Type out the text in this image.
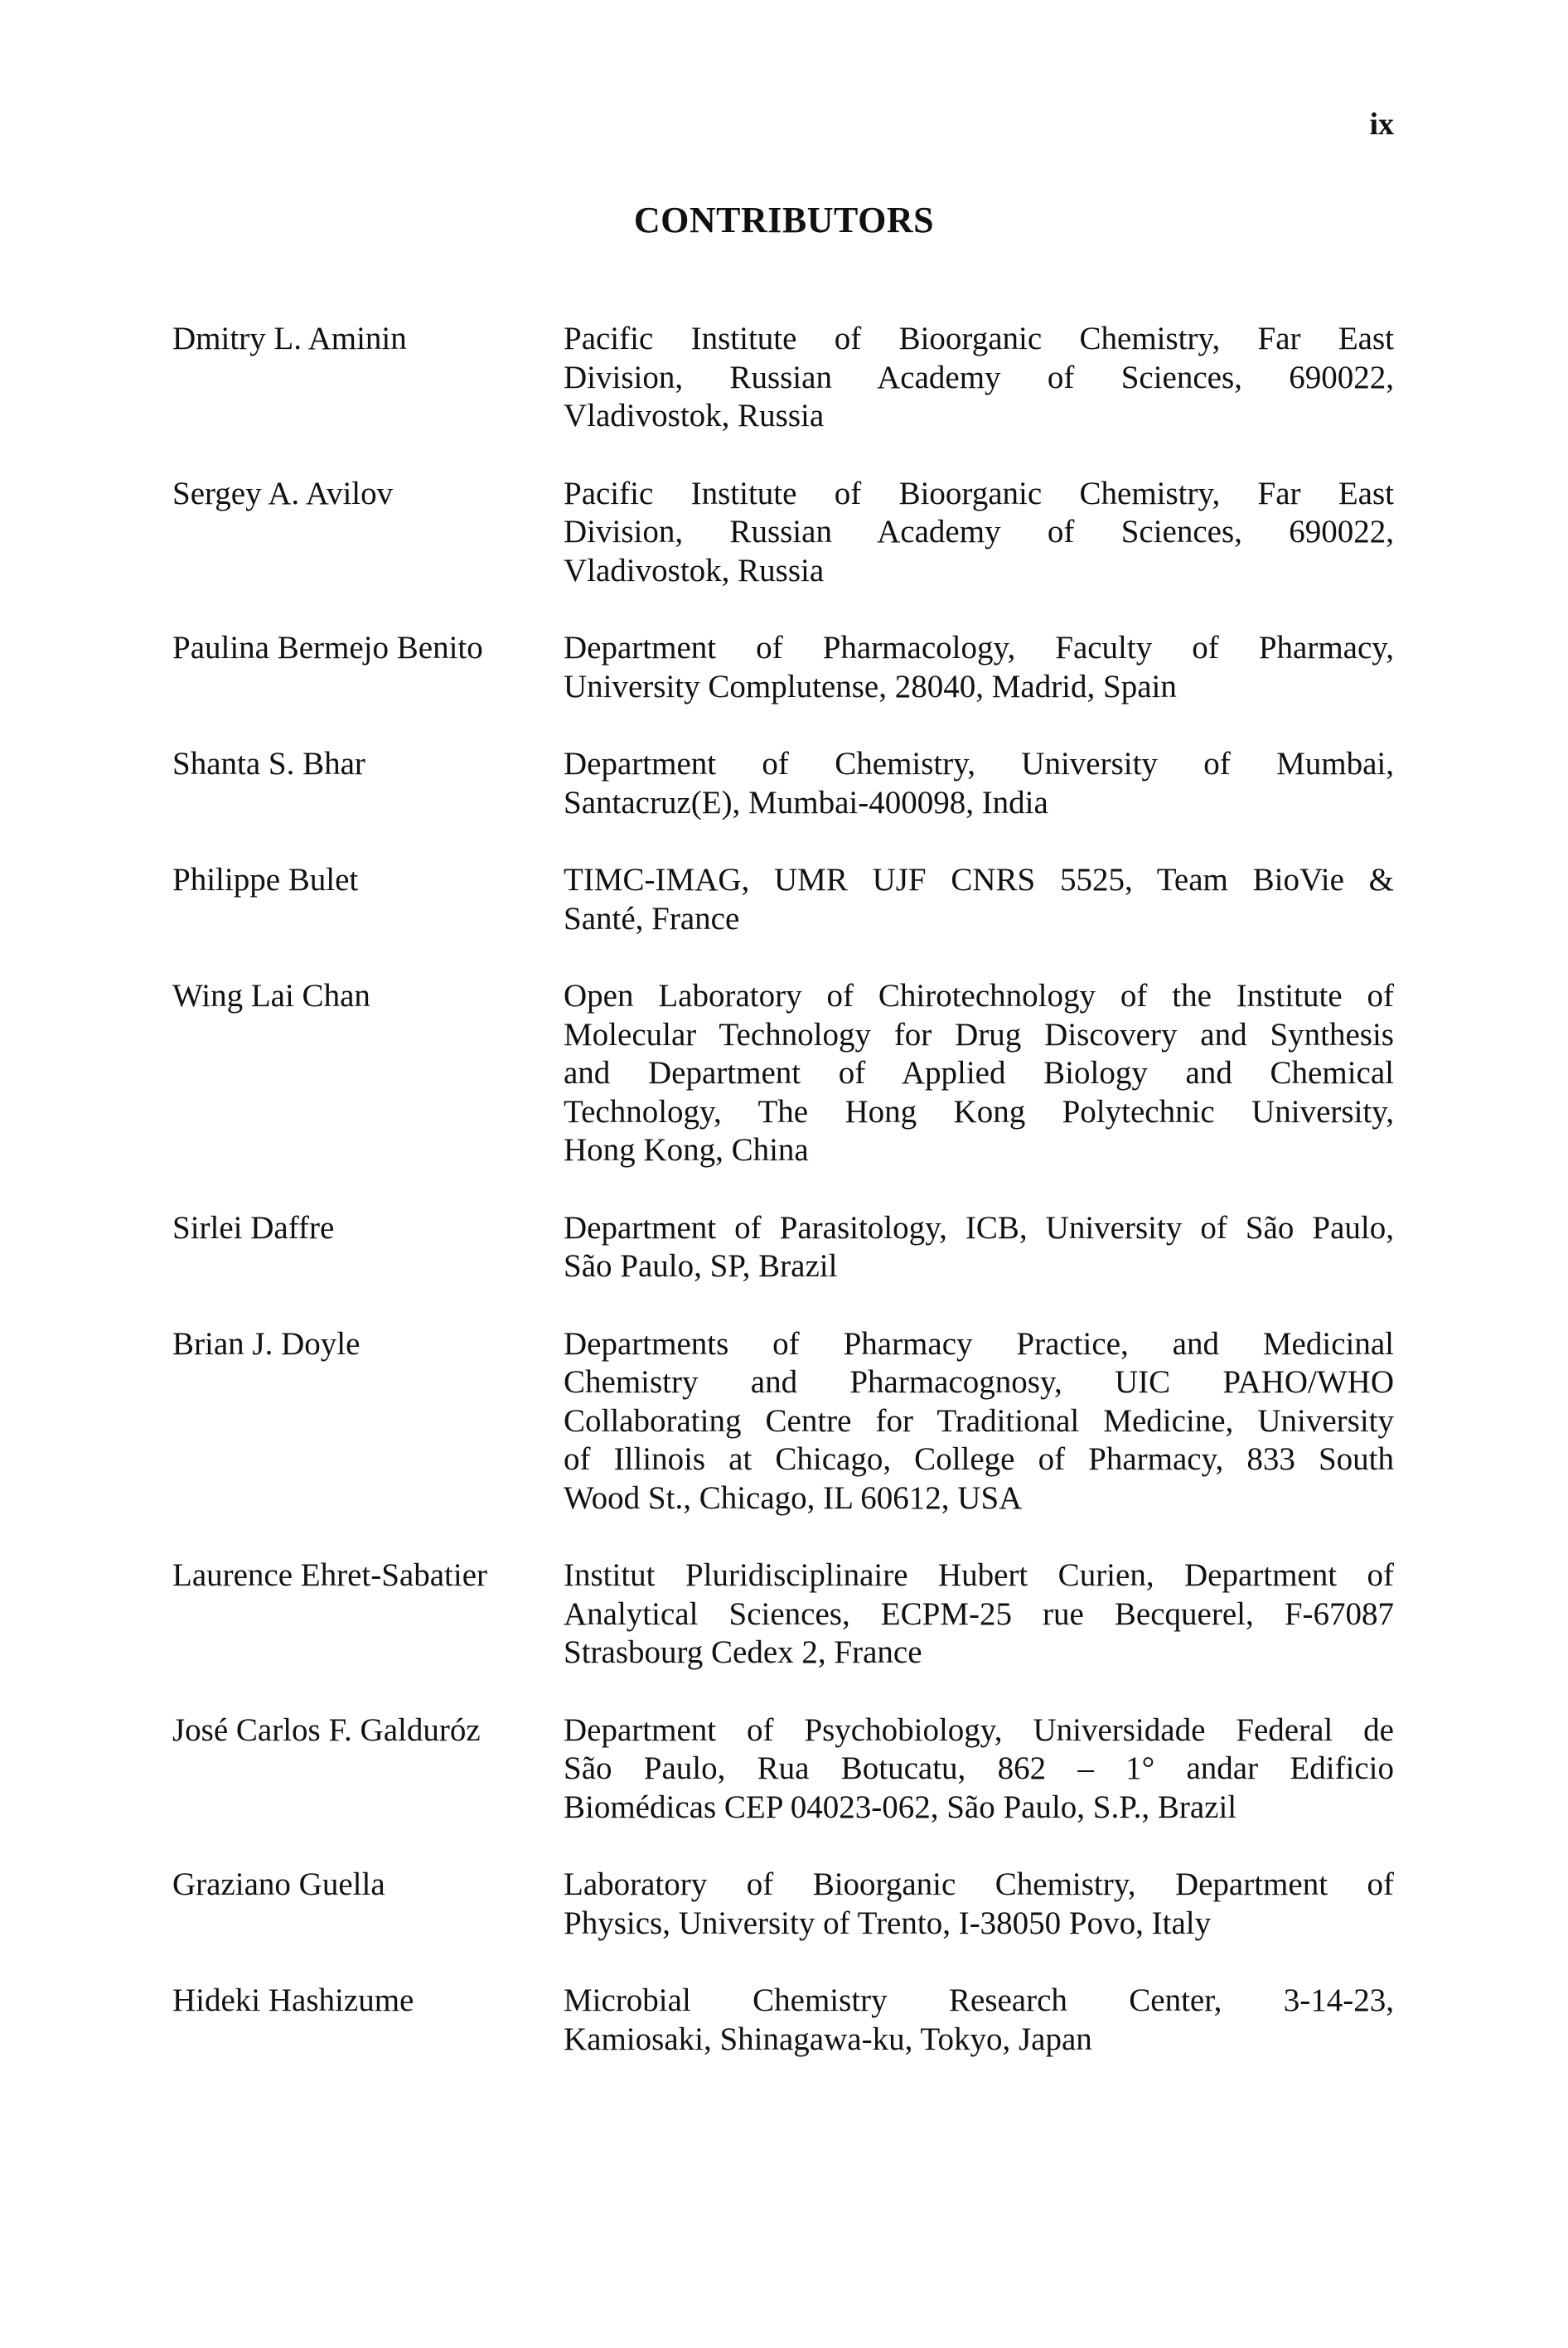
ix
CONTRIBUTORS
Dmitry L. Aminin	Pacific Institute of Bioorganic Chemistry, Far East
Division, Russian Academy of Sciences, 690022,
Vladivostok, Russia
Sergey A. Avilov	Pacific Institute of Bioorganic Chemistry, Far East
Division, Russian Academy of Sciences, 690022,
Vladivostok, Russia
Paulina Bermejo Benito	Department of Pharmacology, Faculty of Pharmacy,
University Complutense, 28040, Madrid, Spain
Shanta S. Bhar	Department of Chemistry, University of Mumbai,
Santacruz(E), Mumbai-400098, India
Philippe Bulet	TIMC-IMAG, UMR UJF CNRS 5525, Team BioVie &
Santé, France
Wing Lai Chan	Open Laboratory of Chirotechnology of the Institute of
Molecular Technology for Drug Discovery and Synthesis
and Department of Applied Biology and Chemical
Technology, The Hong Kong Polytechnic University,
Hong Kong, China
Sirlei Daffre	Department of Parasitology, ICB, University of São Paulo,
São Paulo, SP, Brazil
Brian J. Doyle	Departments of Pharmacy Practice, and Medicinal
Chemistry and Pharmacognosy, UIC PAHO/WHO
Collaborating Centre for Traditional Medicine, University
of Illinois at Chicago, College of Pharmacy, 833 South
Wood St., Chicago, IL 60612, USA
Laurence Ehret-Sabatier	Institut Pluridisciplinaire Hubert Curien, Department of
Analytical Sciences, ECPM-25 rue Becquerel, F-67087
Strasbourg Cedex 2, France
José Carlos F. Galduróz	Department of Psychobiology, Universidade Federal de
São Paulo, Rua Botucatu, 862 – 1° andar Edificio
Biomédicas CEP 04023-062, São Paulo, S.P., Brazil
Graziano Guella	Laboratory of Bioorganic Chemistry, Department of
Physics, University of Trento, I-38050 Povo, Italy
Hideki Hashizume	Microbial Chemistry Research Center, 3-14-23,
Kamiosaki, Shinagawa-ku, Tokyo, Japan
